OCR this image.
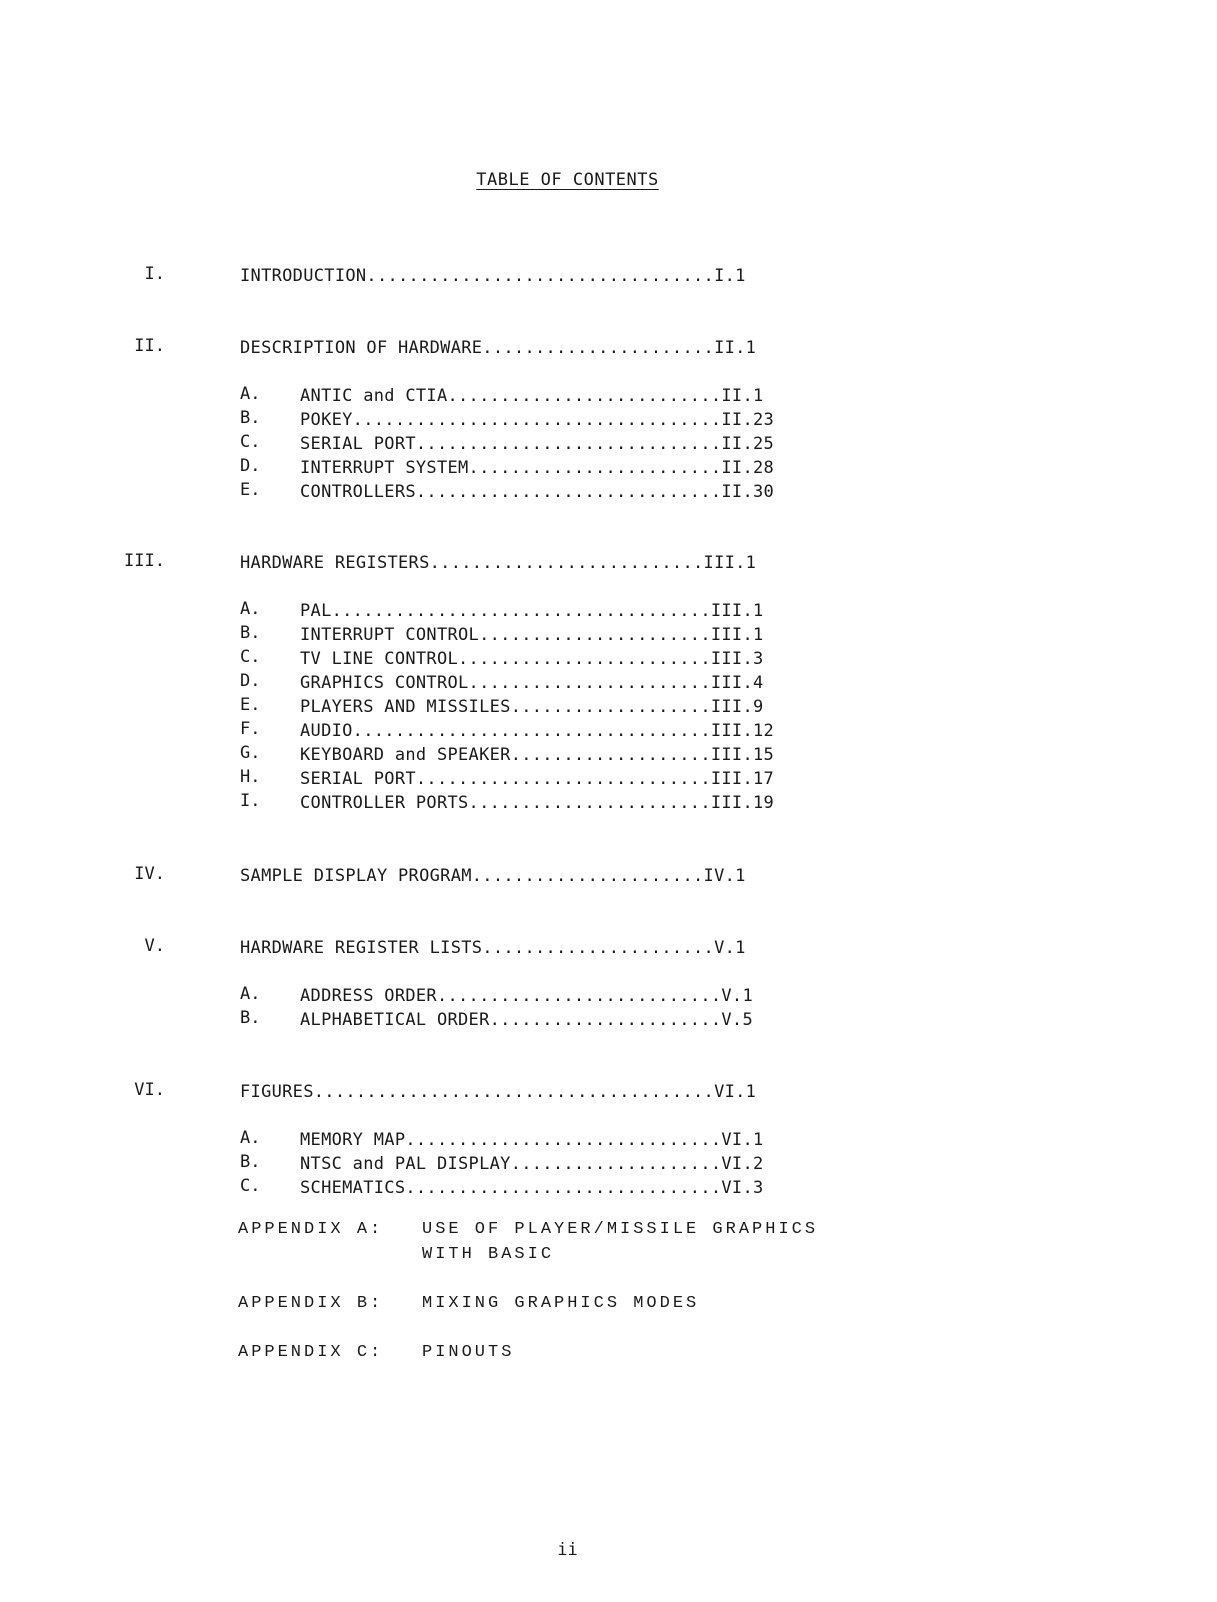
TABLE OF CONTENTS
I.	INTRODUCTION.................................I.1
II.	DESCRIPTION OF HARDWARE......................II.1
A. ANTIC and CTIA..........................II.1
B. POKEY...................................II.23
C. SERIAL PORT.............................II.25
D. INTERRUPT SYSTEM........................II.28
E. CONTROLLERS.............................II.30
III.	HARDWARE REGISTERS..........................III.1
A. PAL....................................III.1
B. INTERRUPT CONTROL......................III.1
C. TV LINE CONTROL........................III.3
D. GRAPHICS CONTROL.......................III.4
E. PLAYERS AND MISSILES...................III.9
F. AUDIO..................................III.12
G. KEYBOARD and SPEAKER...................III.15
H. SERIAL PORT............................III.17
I. CONTROLLER PORTS.......................III.19
IV.	SAMPLE DISPLAY PROGRAM......................IV.1
V.	HARDWARE REGISTER LISTS......................V.1
A. ADDRESS ORDER...........................V.1
B. ALPHABETICAL ORDER......................V.5
VI.	FIGURES......................................VI.1
A. MEMORY MAP..............................VI.1
B. NTSC and PAL DISPLAY....................VI.2
C. SCHEMATICS..............................VI.3
APPENDIX A: USE OF PLAYER/MISSILE GRAPHICS
WITH BASIC
APPENDIX B: MIXING GRAPHICS MODES
APPENDIX C: PINOUTS
ii
